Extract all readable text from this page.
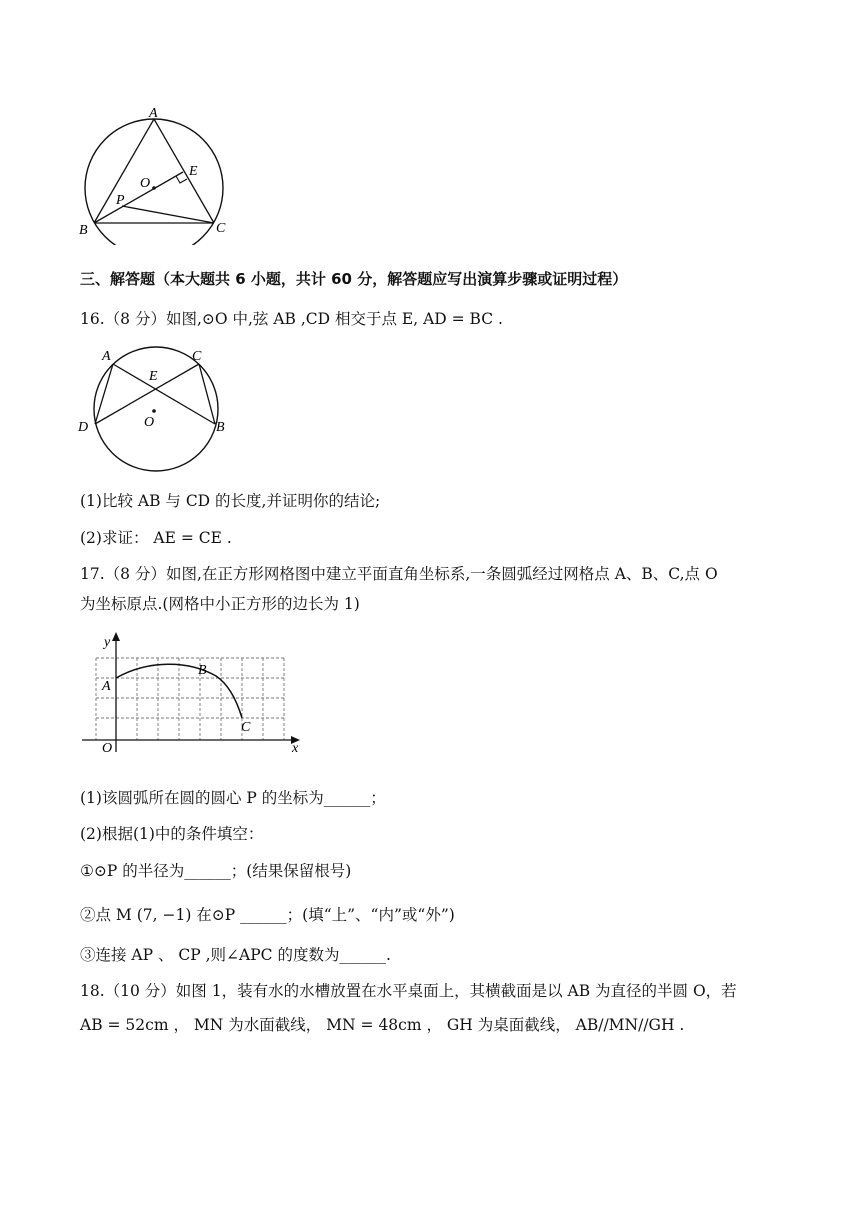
A
O
E
P
B	C
三、解答题（本大题共 6 小题，共计 60 分，解答题应写出演算步骤或证明过程）
16.（8 分）如图,⊙O 中,弦 AB ,CD 相交于点 E, AD = BC .
A	C
E
O
D	B
(1)比较 AB 与 CD 的长度,并证明你的结论;
(2)求证： AE = CE .
17.（8 分）如图,在正方形网格图中建立平面直角坐标系,一条圆弧经过网格点 A、B、C,点 O
为坐标原点.(网格中小正方形的边长为 1)
y
x
A
B
C
O
(1)该圆弧所在圆的圆心 P 的坐标为______；
(2)根据(1)中的条件填空：
①⊙P 的半径为______；(结果保留根号)
②点 M (7, −1) 在⊙P ______；(填“上”、“内”或“外”)
③连接 AP 、 CP ,则∠APC 的度数为______.
18.（10 分）如图 1，装有水的水槽放置在水平桌面上，其横截面是以 AB 为直径的半圆 O，若
AB = 52cm ， MN 为水面截线， MN = 48cm ， GH 为桌面截线， AB//MN//GH .
